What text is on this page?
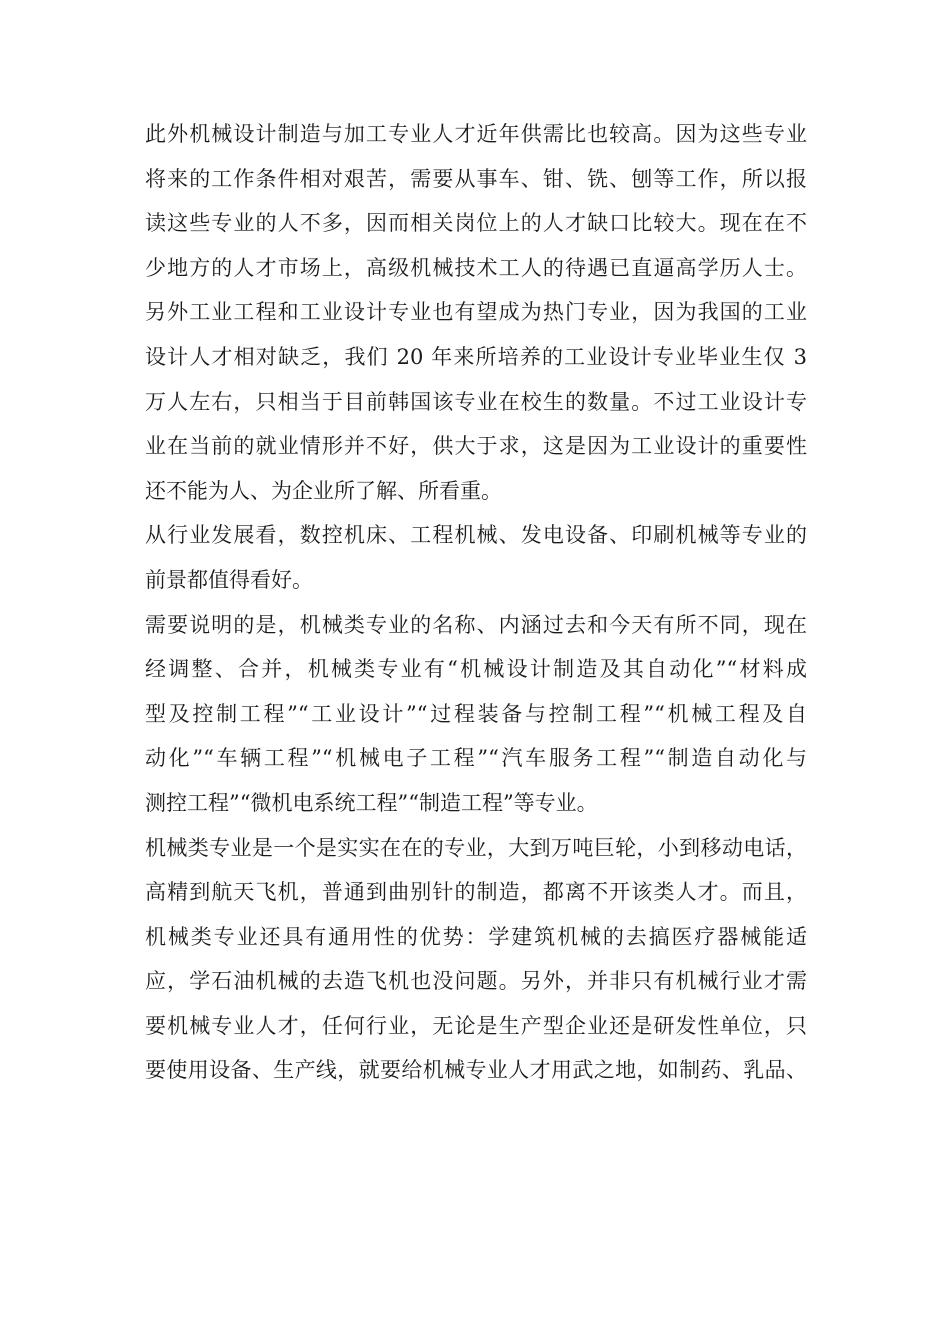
此外机械设计制造与加工专业人才近年供需比也较高。因为这些专业
将来的工作条件相对艰苦，需要从事车、钳、铣、刨等工作，所以报
读这些专业的人不多，因而相关岗位上的人才缺口比较大。现在在不
少地方的人才市场上，高级机械技术工人的待遇已直逼高学历人士。
另外工业工程和工业设计专业也有望成为热门专业，因为我国的工业
设计人才相对缺乏，我们 20 年来所培养的工业设计专业毕业生仅 3
万人左右，只相当于目前韩国该专业在校生的数量。不过工业设计专
业在当前的就业情形并不好，供大于求，这是因为工业设计的重要性
还不能为人、为企业所了解、所看重。
从行业发展看，数控机床、工程机械、发电设备、印刷机械等专业的
前景都值得看好。
需要说明的是，机械类专业的名称、内涵过去和今天有所不同，现在
经调整、合并，机械类专业有“机械设计制造及其自动化”“材料成
型及控制工程”“工业设计”“过程装备与控制工程”“机械工程及自
动化”“车辆工程”“机械电子工程”“汽车服务工程”“制造自动化与
测控工程”“微机电系统工程”“制造工程”等专业。
机械类专业是一个是实实在在的专业，大到万吨巨轮，小到移动电话，
高精到航天飞机，普通到曲别针的制造，都离不开该类人才。而且，
机械类专业还具有通用性的优势：学建筑机械的去搞医疗器械能适
应，学石油机械的去造飞机也没问题。另外，并非只有机械行业才需
要机械专业人才，任何行业，无论是生产型企业还是研发性单位，只
要使用设备、生产线，就要给机械专业人才用武之地，如制药、乳品、
